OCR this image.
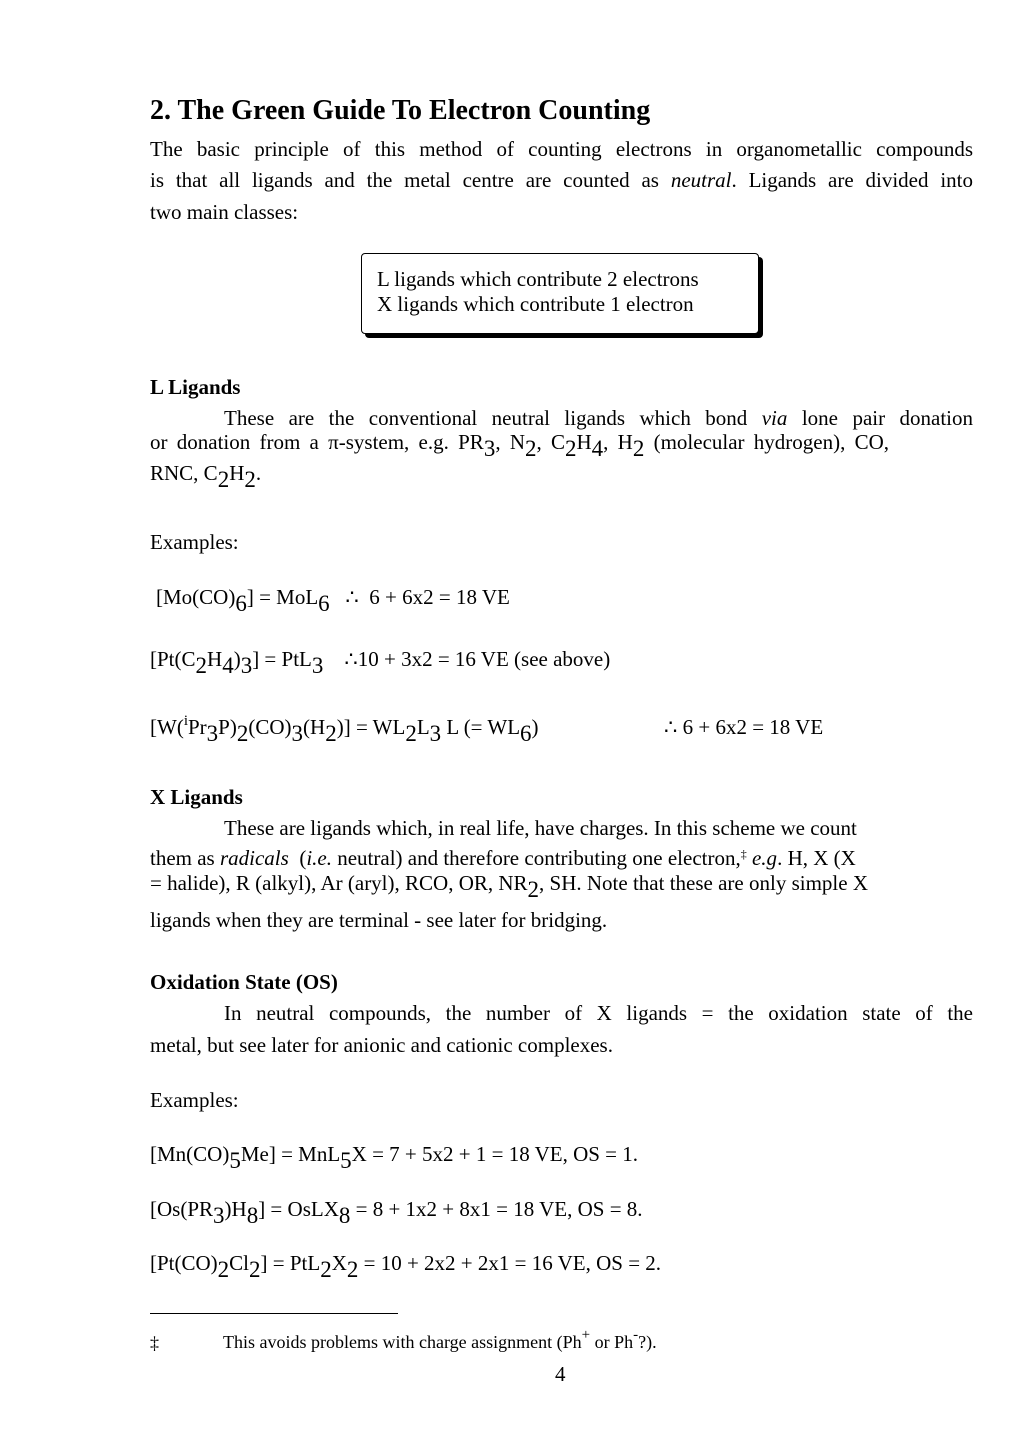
2. The Green Guide To Electron Counting
The basic principle of this method of counting electrons in organometallic compounds
is that all ligands and the metal centre are counted as neutral. Ligands are divided into
two main classes:
L ligands which contribute 2 electrons
X ligands which contribute 1 electron
L Ligands
These are the conventional neutral ligands which bond via lone pair donation
or donation from a π-system, e.g. PR3, N2, C2H4, H2 (molecular hydrogen), CO,
RNC, C2H2.
Examples:
[Mo(CO)6] = MoL6   ∴  6 + 6x2 = 18 VE
[Pt(C2H4)3] = PtL3    ∴10 + 3x2 = 16 VE (see above)
[W($^i$Pr3P)2(CO)3(H2)] = WL2L3 L (= WL6)	∴ 6 + 6x2 = 18 VE
X Ligands
These are ligands which, in real life, have charges. In this scheme we count
them as radicals (i.e. neutral) and therefore contributing one electron,‡ e.g. H, X (X
= halide), R (alkyl), Ar (aryl), RCO, OR, NR2, SH. Note that these are only simple X
ligands when they are terminal - see later for bridging.
Oxidation State (OS)
In neutral compounds, the number of X ligands = the oxidation state of the
metal, but see later for anionic and cationic complexes.
Examples:
[Mn(CO)5Me] = MnL5X = 7 + 5x2 + 1 = 18 VE, OS = 1.
[Os(PR3)H8] = OsLX8 = 8 + 1x2 + 8x1 = 18 VE, OS = 8.
[Pt(CO)2Cl2] = PtL2X2 = 10 + 2x2 + 2x1 = 16 VE, OS = 2.
‡	This avoids problems with charge assignment (Ph+ or Ph-?).
4
